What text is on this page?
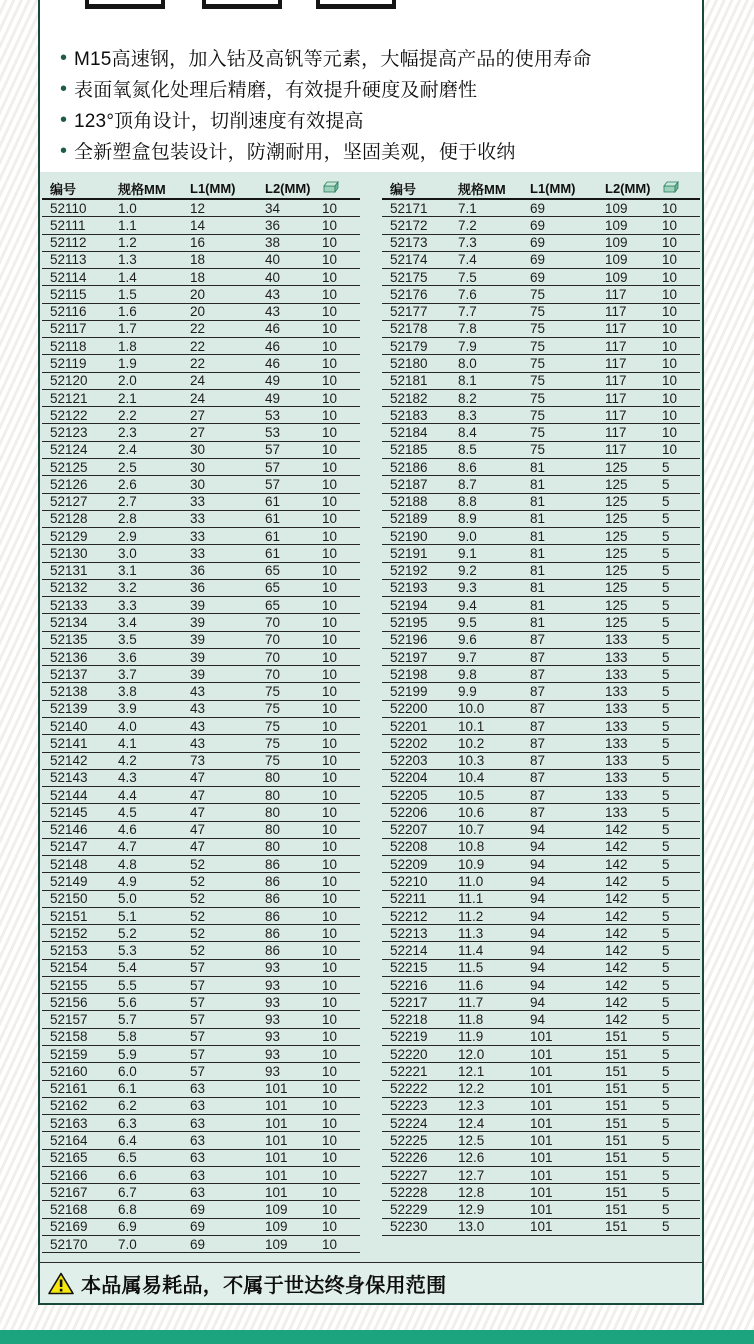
• M15高速钢，加入钴及高钒等元素，大幅提高产品的使用寿命
• 表面氧氮化处理后精磨，有效提升硬度及耐磨性
• 123°顶角设计，切削速度有效提高
• 全新塑盒包装设计，防潮耐用，坚固美观，便于收纳
编号	规格MM	L1(MM)	L2(MM)
52110	1.0	12	34	10
52111	1.1	14	36	10
52112	1.2	16	38	10
52113	1.3	18	40	10
52114	1.4	18	40	10
52115	1.5	20	43	10
52116	1.6	20	43	10
52117	1.7	22	46	10
52118	1.8	22	46	10
52119	1.9	22	46	10
52120	2.0	24	49	10
52121	2.1	24	49	10
52122	2.2	27	53	10
52123	2.3	27	53	10
52124	2.4	30	57	10
52125	2.5	30	57	10
52126	2.6	30	57	10
52127	2.7	33	61	10
52128	2.8	33	61	10
52129	2.9	33	61	10
52130	3.0	33	61	10
52131	3.1	36	65	10
52132	3.2	36	65	10
52133	3.3	39	65	10
52134	3.4	39	70	10
52135	3.5	39	70	10
52136	3.6	39	70	10
52137	3.7	39	70	10
52138	3.8	43	75	10
52139	3.9	43	75	10
52140	4.0	43	75	10
52141	4.1	43	75	10
52142	4.2	73	75	10
52143	4.3	47	80	10
52144	4.4	47	80	10
52145	4.5	47	80	10
52146	4.6	47	80	10
52147	4.7	47	80	10
52148	4.8	52	86	10
52149	4.9	52	86	10
52150	5.0	52	86	10
52151	5.1	52	86	10
52152	5.2	52	86	10
52153	5.3	52	86	10
52154	5.4	57	93	10
52155	5.5	57	93	10
52156	5.6	57	93	10
52157	5.7	57	93	10
52158	5.8	57	93	10
52159	5.9	57	93	10
52160	6.0	57	93	10
52161	6.1	63	101	10
52162	6.2	63	101	10
52163	6.3	63	101	10
52164	6.4	63	101	10
52165	6.5	63	101	10
52166	6.6	63	101	10
52167	6.7	63	101	10
52168	6.8	69	109	10
52169	6.9	69	109	10
52170	7.0	69	109	10
编号	规格MM	L1(MM)	L2(MM)
52171	7.1	69	109	10
52172	7.2	69	109	10
52173	7.3	69	109	10
52174	7.4	69	109	10
52175	7.5	69	109	10
52176	7.6	75	117	10
52177	7.7	75	117	10
52178	7.8	75	117	10
52179	7.9	75	117	10
52180	8.0	75	117	10
52181	8.1	75	117	10
52182	8.2	75	117	10
52183	8.3	75	117	10
52184	8.4	75	117	10
52185	8.5	75	117	10
52186	8.6	81	125	5
52187	8.7	81	125	5
52188	8.8	81	125	5
52189	8.9	81	125	5
52190	9.0	81	125	5
52191	9.1	81	125	5
52192	9.2	81	125	5
52193	9.3	81	125	5
52194	9.4	81	125	5
52195	9.5	81	125	5
52196	9.6	87	133	5
52197	9.7	87	133	5
52198	9.8	87	133	5
52199	9.9	87	133	5
52200	10.0	87	133	5
52201	10.1	87	133	5
52202	10.2	87	133	5
52203	10.3	87	133	5
52204	10.4	87	133	5
52205	10.5	87	133	5
52206	10.6	87	133	5
52207	10.7	94	142	5
52208	10.8	94	142	5
52209	10.9	94	142	5
52210	11.0	94	142	5
52211	11.1	94	142	5
52212	11.2	94	142	5
52213	11.3	94	142	5
52214	11.4	94	142	5
52215	11.5	94	142	5
52216	11.6	94	142	5
52217	11.7	94	142	5
52218	11.8	94	142	5
52219	11.9	101	151	5
52220	12.0	101	151	5
52221	12.1	101	151	5
52222	12.2	101	151	5
52223	12.3	101	151	5
52224	12.4	101	151	5
52225	12.5	101	151	5
52226	12.6	101	151	5
52227	12.7	101	151	5
52228	12.8	101	151	5
52229	12.9	101	151	5
52230	13.0	101	151	5
本品属易耗品，不属于世达终身保用范围
